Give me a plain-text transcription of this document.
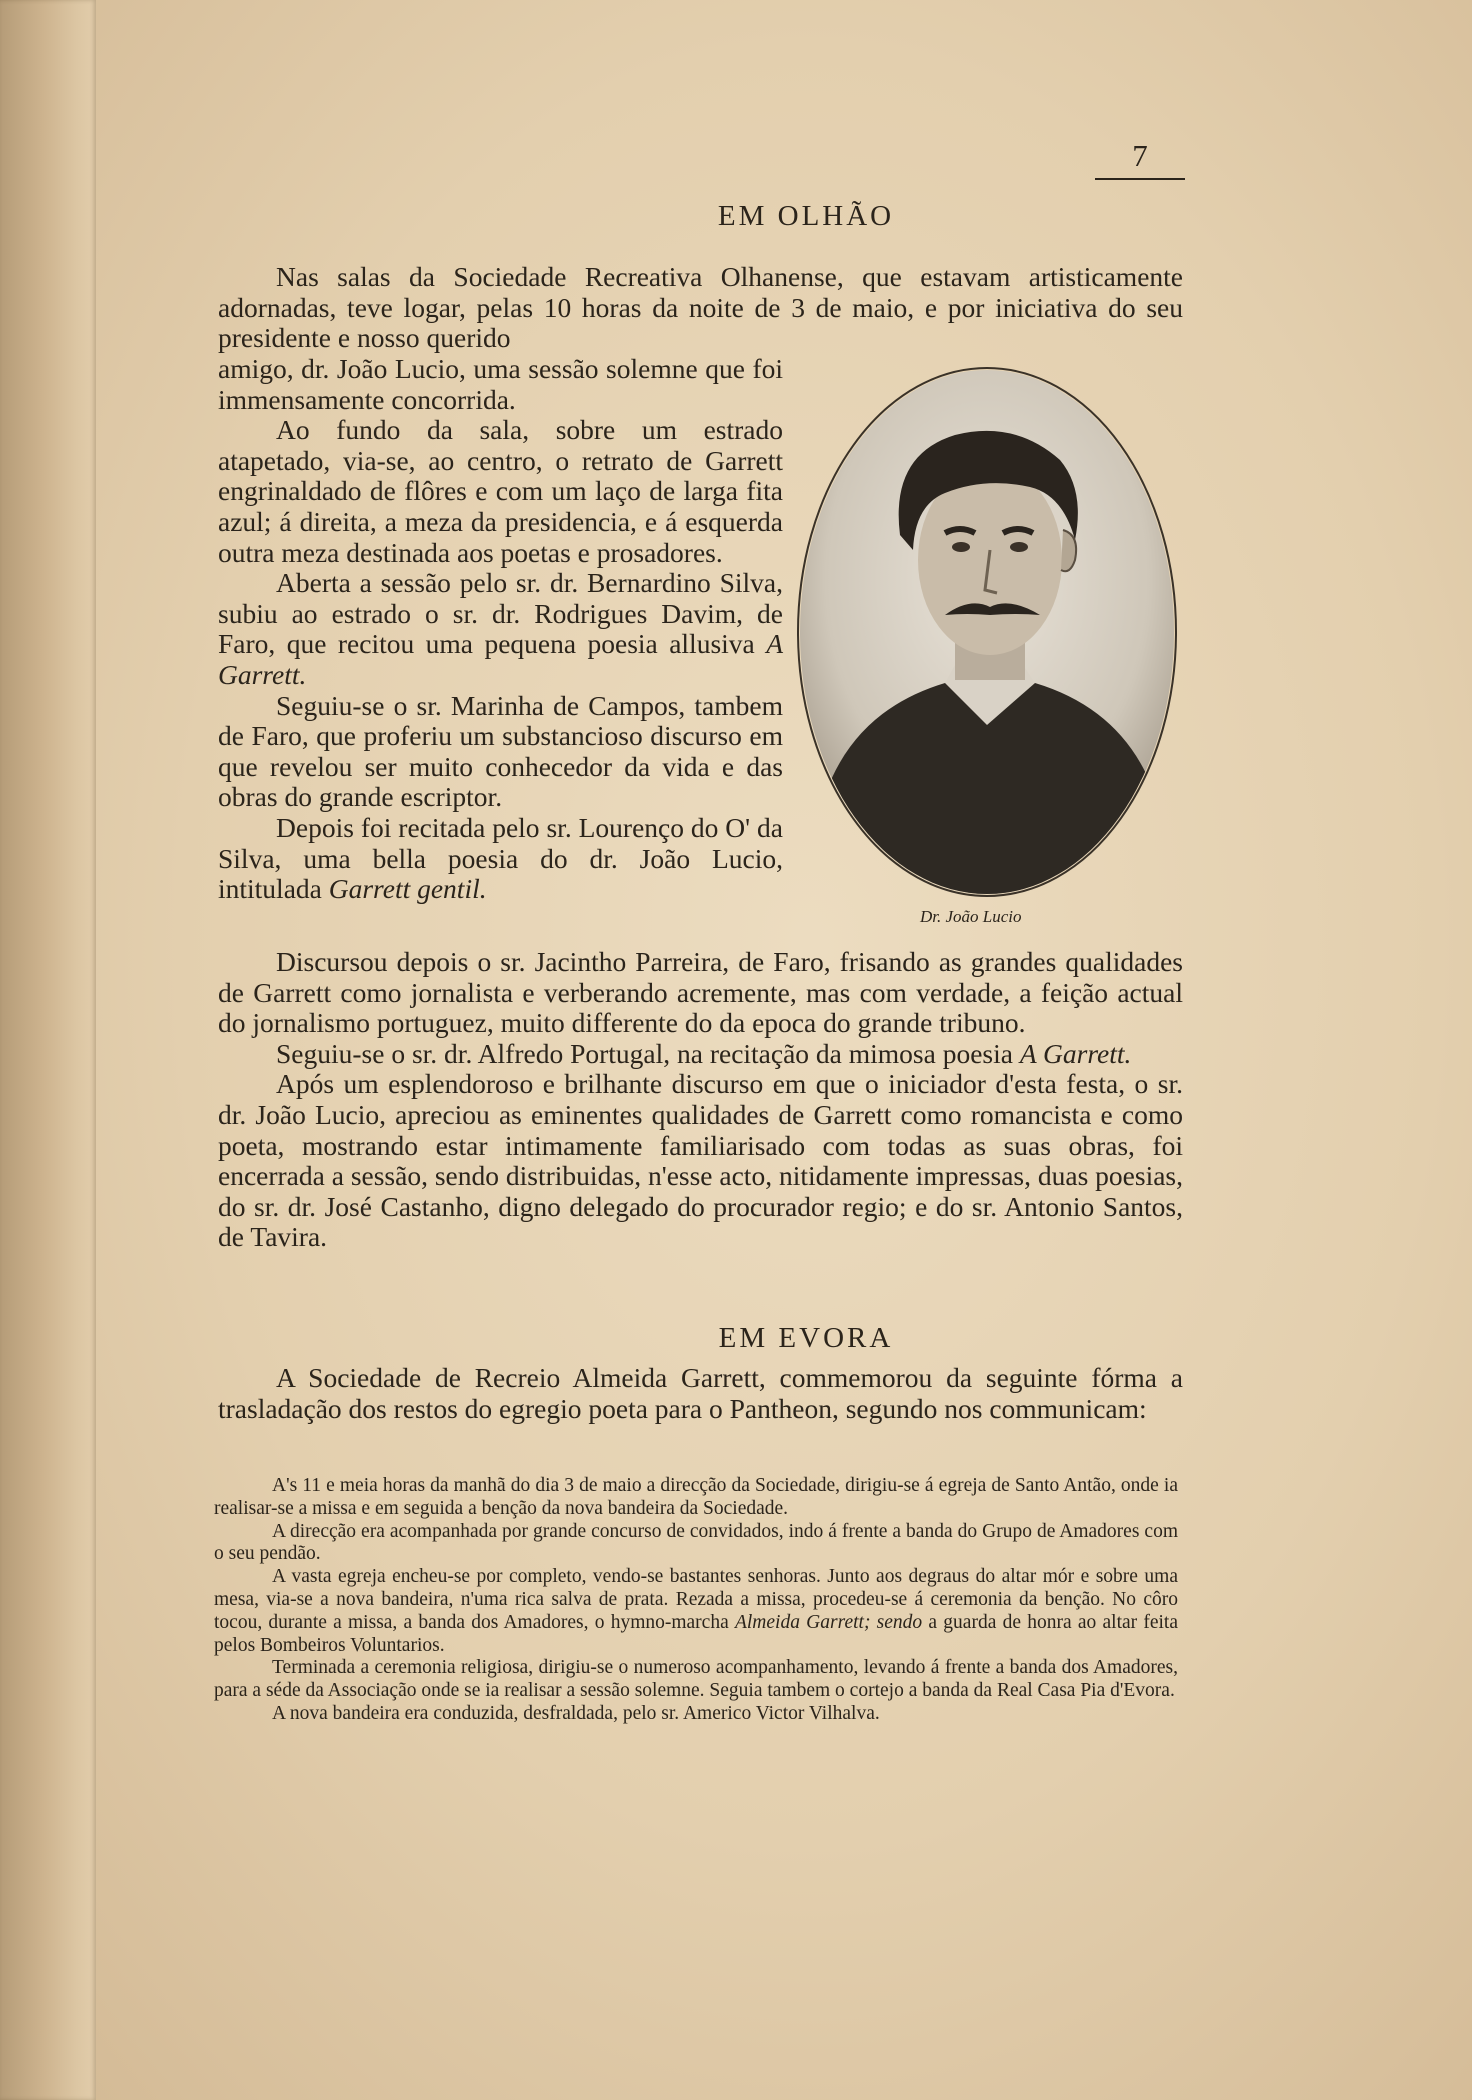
7
EM OLHÃO

Nas salas da Sociedade Recreativa Olhanense, que estavam artisticamente adornadas, teve logar, pelas 10 horas da noite de 3 de maio, e por iniciativa do seu presidente e nosso querido

amigo, dr. João Lucio, uma sessão solemne que foi immensamente concorrida.

Ao fundo da sala, sobre um estrado atapetado, via-se, ao centro, o retrato de Garrett engrinaldado de flôres e com um laço de larga fita azul; á direita, a meza da presidencia, e á esquerda outra meza destinada aos poetas e prosadores.

Aberta a sessão pelo sr. dr. Bernardino Silva, subiu ao estrado o sr. dr. Rodrigues Davim, de Faro, que recitou uma pequena poesia allusiva A Garrett.

Seguiu-se o sr. Marinha de Campos, tambem de Faro, que proferiu um substancioso discurso em que revelou ser muito conhecedor da vida e das obras do grande escriptor.

Depois foi recitada pelo sr. Lourenço do O' da Silva, uma bella poesia do dr. João Lucio, intitulada Garrett gentil.

Dr. João Lucio

Discursou depois o sr. Jacintho Parreira, de Faro, frisando as grandes qualidades de Garrett como jornalista e verberando acremente, mas com verdade, a feição actual do jornalismo portuguez, muito differente do da epoca do grande tribuno.

Seguiu-se o sr. dr. Alfredo Portugal, na recitação da mimosa poesia A Garrett.

Após um esplendoroso e brilhante discurso em que o iniciador d'esta festa, o sr. dr. João Lucio, apreciou as eminentes qualidades de Garrett como romancista e como poeta, mostrando estar intimamente familiarisado com todas as suas obras, foi encerrada a sessão, sendo distribuidas, n'esse acto, nitidamente impressas, duas poesias, do sr. dr. José Castanho, digno delegado do procurador regio; e do sr. Antonio Santos, de Tavira.

EM EVORA

A Sociedade de Recreio Almeida Garrett, commemorou da seguinte fórma a trasladação dos restos do egregio poeta para o Pantheon, segundo nos communicam:

A's 11 e meia horas da manhã do dia 3 de maio a direcção da Sociedade, dirigiu-se á egreja de Santo Antão, onde ia realisar-se a missa e em seguida a benção da nova bandeira da Sociedade.

A direcção era acompanhada por grande concurso de convidados, indo á frente a banda do Grupo de Amadores com o seu pendão.

A vasta egreja encheu-se por completo, vendo-se bastantes senhoras. Junto aos degraus do altar mór e sobre uma mesa, via-se a nova bandeira, n'uma rica salva de prata. Rezada a missa, procedeu-se á ceremonia da benção. No côro tocou, durante a missa, a banda dos Amadores, o hymno-marcha Almeida Garrett; sendo a guarda de honra ao altar feita pelos Bombeiros Voluntarios.

Terminada a ceremonia religiosa, dirigiu-se o numeroso acompanhamento, levando á frente a banda dos Amadores, para a séde da Associação onde se ia realisar a sessão solemne. Seguia tambem o cortejo a banda da Real Casa Pia d'Evora.

A nova bandeira era conduzida, desfraldada, pelo sr. Americo Victor Vilhalva.
